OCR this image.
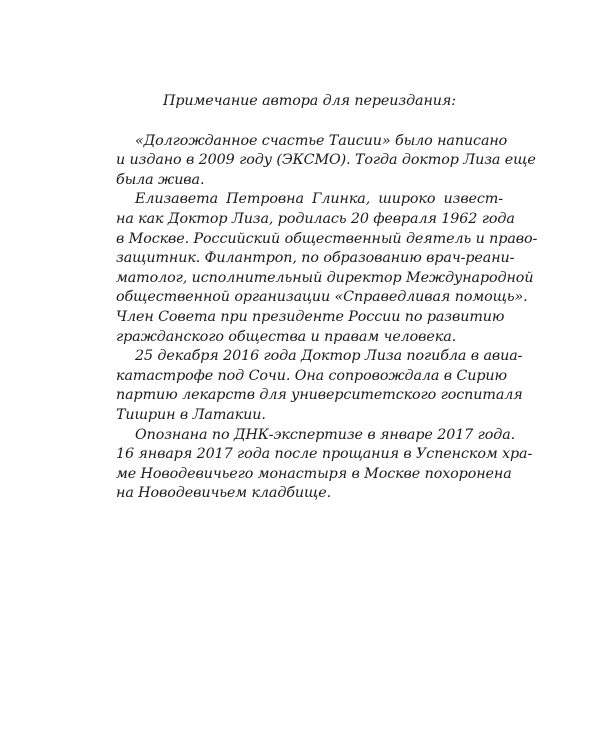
Примечание автора для переиздания:
«Долгожданное счастье Таисии» было написано
и издано в 2009 году (ЭКСМО). Тогда доктор Лиза еще
была жива.
Елизавета Петровна Глинка, широко извест-
на как Доктор Лиза, родилась 20 февраля 1962 года
в Москве. Российский общественный деятель и право-
защитник. Филантроп, по образованию врач-реани-
матолог, исполнительный директор Международной
общественной организации «Справедливая помощь».
Член Совета при президенте России по развитию
гражданского общества и правам человека.
25 декабря 2016 года Доктор Лиза погибла в авиа-
катастрофе под Сочи. Она сопровождала в Сирию
партию лекарств для университетского госпиталя
Тишрин в Латакии.
Опознана по ДНК-экспертизе в январе 2017 года.
16 января 2017 года после прощания в Успенском хра-
ме Новодевичьего монастыря в Москве похоронена
на Новодевичьем кладбище.
